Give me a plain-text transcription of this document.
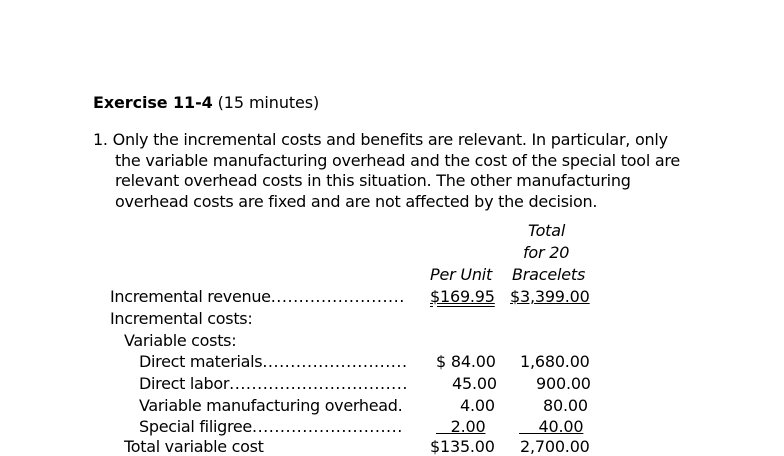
Exercise 11-4 (15 minutes)
1. Only the incremental costs and benefits are relevant. In particular, only
the variable manufacturing overhead and the cost of the special tool are
relevant overhead costs in this situation. The other manufacturing
overhead costs are fixed and are not affected by the decision.
Total
for 20
Per Unit Bracelets
Incremental revenue........................ $169.95 $3,399.00
Incremental costs:
Variable costs:
Direct materials.......................... $ 84.00 1,680.00
Direct labor................................	45.00 900.00
Variable manufacturing overhead.	4.00	80.00
Special filigree...........................	2.00	40.00
Total variable cost	$135.00 2,700.00
